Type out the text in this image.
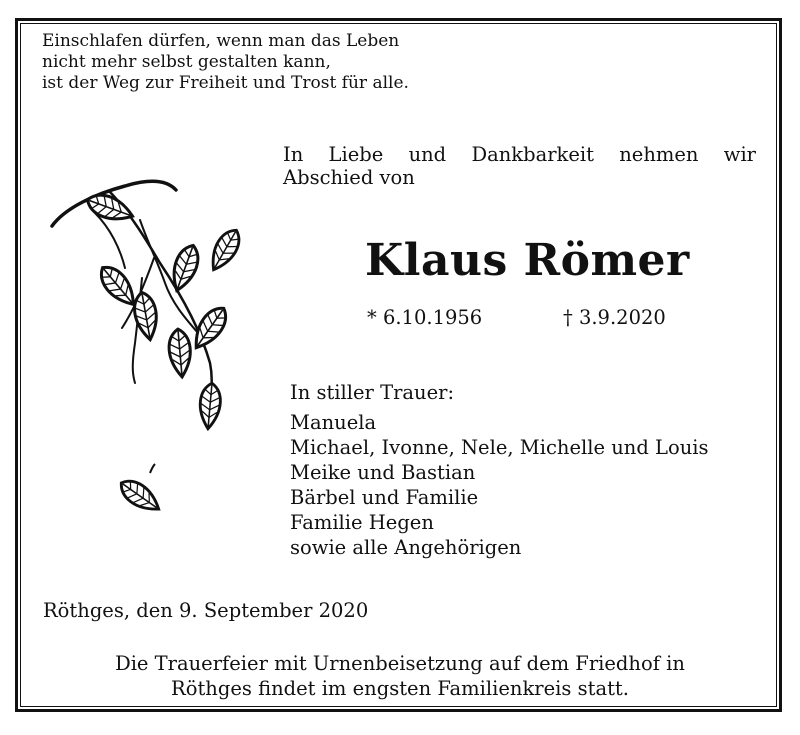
Einschlafen dürfen, wenn man das Leben
nicht mehr selbst gestalten kann,
ist der Weg zur Freiheit und Trost für alle.
In Liebe und Dankbarkeit nehmen wir Abschied von
Klaus Römer
* 6.10.1956	† 3.9.2020
In stiller Trauer:
Manuela
Michael, Ivonne, Nele, Michelle und Louis
Meike und Bastian
Bärbel und Familie
Familie Hegen
sowie alle Angehörigen
Röthges, den 9. September 2020
Die Trauerfeier mit Urnenbeisetzung auf dem Friedhof in
Röthges findet im engsten Familienkreis statt.
